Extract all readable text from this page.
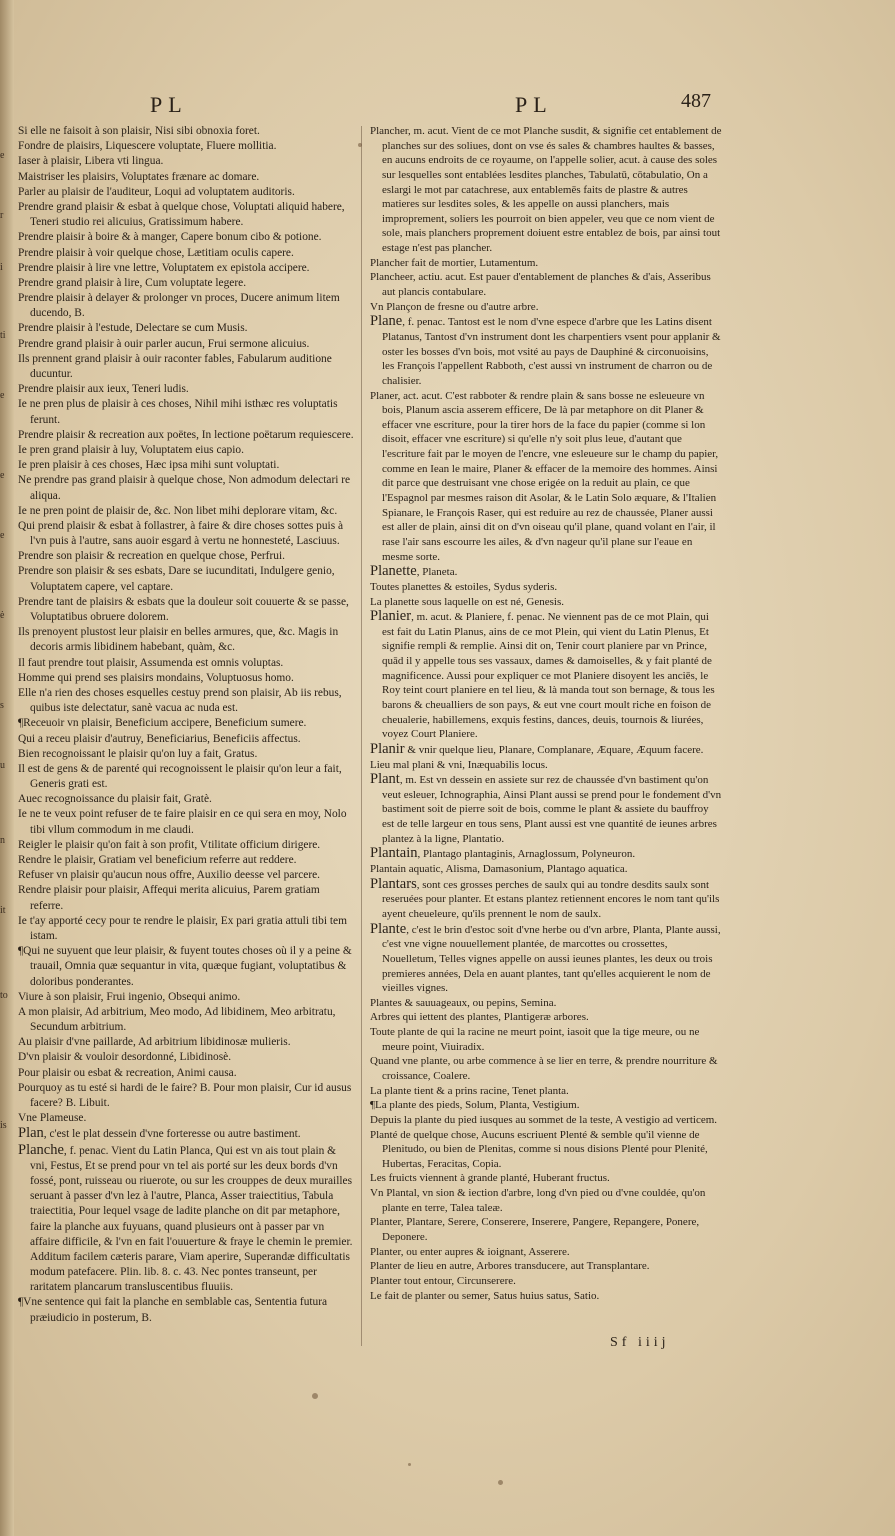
PL	PL	487

Si elle ne faisoit à son plaisir, Nisi sibi obnoxia foret.

Fondre de plaisirs, Liquescere voluptate, Fluere mollitia.

Iaser à plaisir, Libera vti lingua.

Maistriser les plaisirs, Voluptates frænare ac domare.

Parler au plaisir de l'auditeur, Loqui ad voluptatem auditoris.

Prendre grand plaisir & esbat à quelque chose, Voluptati aliquid habere, Teneri studio rei alicuius, Gratissimum habere.

Prendre plaisir à boire & à manger, Capere bonum cibo & potione.

Prendre plaisir à voir quelque chose, Lætitiam oculis capere.

Prendre plaisir à lire vne lettre, Voluptatem ex epistola accipere.

Prendre grand plaisir à lire, Cum voluptate legere.

Prendre plaisir à delayer & prolonger vn proces, Ducere animum litem ducendo, B.

Prendre plaisir à l'estude, Delectare se cum Musis.

Prendre grand plaisir à ouir parler aucun, Frui sermone alicuius.

Ils prennent grand plaisir à ouir raconter fables, Fabularum auditione ducuntur.

Prendre plaisir aux ieux, Teneri ludis.

Ie ne pren plus de plaisir à ces choses, Nihil mihi isthæc res voluptatis ferunt.

Prendre plaisir & recreation aux poëtes, In lectione poëtarum requiescere.

Ie pren grand plaisir à luy, Voluptatem eius capio.

Ie pren plaisir à ces choses, Hæc ipsa mihi sunt voluptati.

Ne prendre pas grand plaisir à quelque chose, Non admodum delectari re aliqua.

Ie ne pren point de plaisir de, &c. Non libet mihi deplorare vitam, &c.

Qui prend plaisir & esbat à follastrer, à faire & dire choses sottes puis à l'vn puis à l'autre, sans auoir esgard à vertu ne honnesteté, Lasciuus.

Prendre son plaisir & recreation en quelque chose, Perfrui.

Prendre son plaisir & ses esbats, Dare se iucunditati, Indulgere genio, Voluptatem capere, vel captare.

Prendre tant de plaisirs & esbats que la douleur soit couuerte & se passe, Voluptatibus obruere dolorem.

Ils prenoyent plustost leur plaisir en belles armures, que, &c. Magis in decoris armis libidinem habebant, quàm, &c.

Il faut prendre tout plaisir, Assumenda est omnis voluptas.

Homme qui prend ses plaisirs mondains, Voluptuosus homo.

Elle n'a rien des choses esquelles cestuy prend son plaisir, Ab iis rebus, quibus iste delectatur, sanè vacua ac nuda est.

¶Receuoir vn plaisir, Beneficium accipere, Beneficium sumere.

Qui a receu plaisir d'autruy, Beneficiarius, Beneficiis affectus.

Bien recognoissant le plaisir qu'on luy a fait, Gratus.

Il est de gens & de parenté qui recognoissent le plaisir qu'on leur a fait, Generis grati est.

Auec recognoissance du plaisir fait, Gratè.

Ie ne te veux point refuser de te faire plaisir en ce qui sera en moy, Nolo tibi vllum commodum in me claudi.

Reigler le plaisir qu'on fait à son profit, Vtilitate officium dirigere.

Rendre le plaisir, Gratiam vel beneficium referre aut reddere.

Refuser vn plaisir qu'aucun nous offre, Auxilio deesse vel parcere.

Rendre plaisir pour plaisir, Affequi merita alicuius, Parem gratiam referre.

Ie t'ay apporté cecy pour te rendre le plaisir, Ex pari gratia attuli tibi tem istam.

¶Qui ne suyuent que leur plaisir, & fuyent toutes choses où il y a peine & trauail, Omnia quæ sequantur in vita, quæque fugiant, voluptatibus & doloribus ponderantes.

Viure à son plaisir, Frui ingenio, Obsequi animo.

A mon plaisir, Ad arbitrium, Meo modo, Ad libidinem, Meo arbitratu, Secundum arbitrium.

Au plaisir d'vne paillarde, Ad arbitrium libidinosæ mulieris.

D'vn plaisir & vouloir desordonné, Libidinosè.

Pour plaisir ou esbat & recreation, Animi causa.

Pourquoy as tu esté si hardi de le faire? B. Pour mon plaisir, Cur id ausus facere? B. Libuit.

Vne Plameuse.

Plan, c'est le plat dessein d'vne forteresse ou autre bastiment.

Planche, f. penac. Vient du Latin Planca, Qui est vn ais tout plain & vni, Festus, Et se prend pour vn tel ais porté sur les deux bords d'vn fossé, pont, ruisseau ou riuerote, ou sur les crouppes de deux murailles seruant à passer d'vn lez à l'autre, Planca, Asser traiectitius, Tabula traiectitia, Pour lequel vsage de ladite planche on dit par metaphore, faire la planche aux fuyuans, quand plusieurs ont à passer par vn affaire difficile, & l'vn en fait l'ouuerture & fraye le chemin le premier. Additum facilem cæteris parare, Viam aperire, Superandæ difficultatis modum patefacere. Plin. lib. 8. c. 43. Nec pontes transeunt, per raritatem plancarum transluscentibus fluuiis.

¶Vne sentence qui fait la planche en semblable cas, Sententia futura præiudicio in posterum, B.

Plancher, m. acut. Vient de ce mot Planche susdit, & signifie cet entablement de planches sur des soliues, dont on vse és sales & chambres haultes & basses, en aucuns endroits de ce royaume, on l'appelle solier, acut. à cause des soles sur lesquelles sont entablées lesdites planches, Tabulatū, cōtabulatio, On a eslargi le mot par catachrese, aux entablemēs faits de plastre & autres matieres sur lesdites soles, & les appelle on aussi planchers, mais improprement, soliers les pourroit on bien appeler, veu que ce nom vient de sole, mais planchers proprement doiuent estre entablez de bois, par ainsi tout estage n'est pas plancher.

Plancher fait de mortier, Lutamentum.

Plancheer, actiu. acut. Est pauer d'entablement de planches & d'ais, Asseribus aut plancis contabulare.

Vn Plançon de fresne ou d'autre arbre.

Plane, f. penac. Tantost est le nom d'vne espece d'arbre que les Latins disent Platanus, Tantost d'vn instrument dont les charpentiers vsent pour applanir & oster les bosses d'vn bois, mot vsité au pays de Dauphiné & circonuoisins, les François l'appellent Rabboth, c'est aussi vn instrument de charron ou de chalisier.

Planer, act. acut. C'est rabboter & rendre plain & sans bosse ne esleueure vn bois, Planum ascia asserem efficere, De là par metaphore on dit Planer & effacer vne escriture, pour la tirer hors de la face du papier (comme si lon disoit, effacer vne escriture) si qu'elle n'y soit plus leue, d'autant que l'escriture fait par le moyen de l'encre, vne esleueure sur le champ du papier, comme en Iean le maire, Planer & effacer de la memoire des hommes. Ainsi dit parce que destruisant vne chose erigée on la reduit au plain, ce que l'Espagnol par mesmes raison dit Asolar, & le Latin Solo æquare, & l'Italien Spianare, le François Raser, qui est reduire au rez de chaussée, Planer aussi est aller de plain, ainsi dit on d'vn oiseau qu'il plane, quand volant en l'air, il rase l'air sans escourre les ailes, & d'vn nageur qu'il plane sur l'eaue en mesme sorte.

Planette, Planeta.

Toutes planettes & estoiles, Sydus syderis.

La planette sous laquelle on est né, Genesis.

Planier, m. acut. & Planiere, f. penac. Ne viennent pas de ce mot Plain, qui est fait du Latin Planus, ains de ce mot Plein, qui vient du Latin Plenus, Et signifie rempli & remplie. Ainsi dit on, Tenir court planiere par vn Prince, quād il y appelle tous ses vassaux, dames & damoiselles, & y fait planté de magnificence. Aussi pour expliquer ce mot Planiere disoyent les anciēs, le Roy teint court planiere en tel lieu, & là manda tout son bernage, & tous les barons & cheualliers de son pays, & eut vne court moult riche en foison de cheualerie, habillemens, exquis festins, dances, deuis, tournois & liurées, voyez Court Planiere.

Planir & vnir quelque lieu, Planare, Complanare, Æquare, Æquum facere.

Lieu mal plani & vni, Inæquabilis locus.

Plant, m. Est vn dessein en assiete sur rez de chaussée d'vn bastiment qu'on veut esleuer, Ichnographia, Ainsi Plant aussi se prend pour le fondement d'vn bastiment soit de pierre soit de bois, comme le plant & assiete du bauffroy est de telle largeur en tous sens, Plant aussi est vne quantité de ieunes arbres plantez à la ligne, Plantatio.

Plantain, Plantago plantaginis, Arnaglossum, Polyneuron.

Plantain aquatic, Alisma, Damasonium, Plantago aquatica.

Plantars, sont ces grosses perches de saulx qui au tondre desdits saulx sont reseruées pour planter. Et estans plantez retiennent encores le nom tant qu'ils ayent cheueleure, qu'ils prennent le nom de saulx.

Plante, c'est le brin d'estoc soit d'vne herbe ou d'vn arbre, Planta, Plante aussi, c'est vne vigne nouuellement plantée, de marcottes ou crossettes, Nouelletum, Telles vignes appelle on aussi ieunes plantes, les deux ou trois premieres années, Dela en auant plantes, tant qu'elles acquierent le nom de vieilles vignes.

Plantes & sauuageaux, ou pepins, Semina.

Arbres qui iettent des plantes, Plantigeræ arbores.

Toute plante de qui la racine ne meurt point, iasoit que la tige meure, ou ne meure point, Viuiradix.

Quand vne plante, ou arbe commence à se lier en terre, & prendre nourriture & croissance, Coalere.

La plante tient & a prins racine, Tenet planta.

¶La plante des pieds, Solum, Planta, Vestigium.

Depuis la plante du pied iusques au sommet de la teste, A vestigio ad verticem.

Planté de quelque chose, Aucuns escriuent Plenté & semble qu'il vienne de Plenitudo, ou bien de Plenitas, comme si nous disions Plenté pour Plenité, Hubertas, Feracitas, Copia.

Les fruicts viennent à grande planté, Huberant fructus.

Vn Plantal, vn sion & iection d'arbre, long d'vn pied ou d'vne couldée, qu'on plante en terre, Talea taleæ.

Planter, Plantare, Serere, Conserere, Inserere, Pangere, Repangere, Ponere, Deponere.

Planter, ou enter aupres & ioignant, Asserere.

Planter de lieu en autre, Arbores transducere, aut Transplantare.

Planter tout entour, Circunserere.

Le fait de planter ou semer, Satus huius satus, Satio.

Sf iiij
e
r
i
ti
e
e
e
ė
s
u
n
it
to
is
